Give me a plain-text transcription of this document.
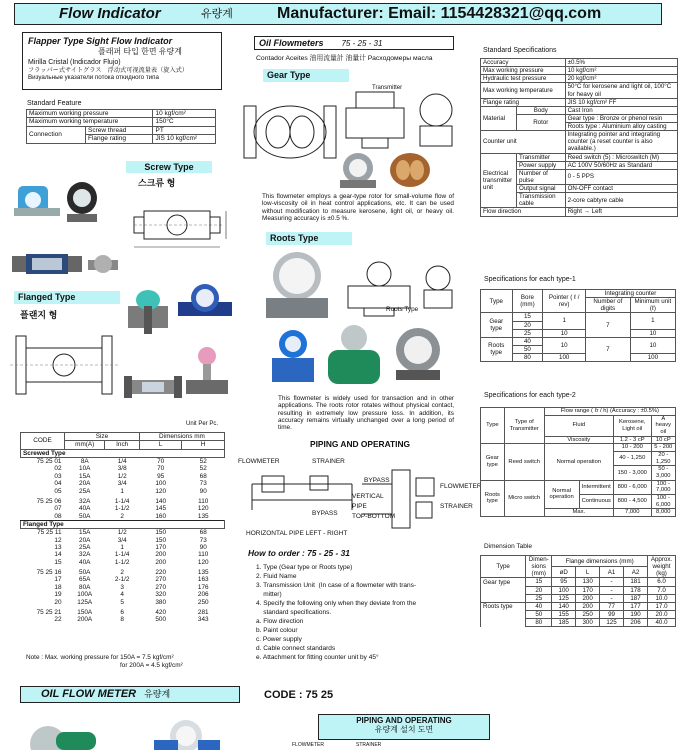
Flow Indicator	유량계	Manufacturer: Email: 1154428321@qq.com
Flapper Type Sight Flow Indicator
플래퍼 타입 한면 유량계
Mirilla Cristal (Indicador Flujo)
フラッパー式サイトグラス　浮动式可视流量表（旋入式）
Визуальные указатели потока откидного типа
Standard Feature
Maximum working pressure		10 kgf/cm²
Maximum working temperature		150°C
Connection	Screw thread	PT
	Flange rating	JIS 10 kgf/cm²
Screw Type
스크류 형
Flanged Type
플랜지 형
Unit Per Pc.
CODE	Size		Dimensions mm	
	mm(A)	Inch	L	H
Screwed Type				
75 25 01	8A	1/4	70	52
02	10A	3/8	70	52
03	15A	1/2	95	68
04	20A	3/4	100	73
05	25A	1	120	90
75 25 06	32A	1-1/4	140	110
07	40A	1-1/2	145	120
08	50A	2	160	135
Flanged Type				
75 25 11	15A	1/2	150	68
12	20A	3/4	150	73
13	25A	1	170	90
14	32A	1-1/4	200	110
15	40A	1-1/2	200	120
75 25 16	50A	2	220	135
17	65A	2-1/2	270	163
18	80A	3	270	176
19	100A	4	320	206
20	125A	5	380	250
75 25 21	150A	6	420	281
22	200A	8	500	343
Note : Max. working pressure for 150A = 7.5 kgf/cm²
for 200A = 4.5 kgf/cm²
Oil Flowmeters 75 - 25 - 31
Contador Aceites 油用流量計 油量计 Расходомеры масла
Gear Type
Transmitter
This flowmeter employs a gear-type rotor for small-volume flow of low-viscosity oil in heat control applications, etc. It can be used without modification to measure kerosene, light oil, or heavy oil. Measuring accuracy is ±0.5 %.
Roots Type
Roots Type
This flowmeter is widely used for transaction and in other applications. The roots rotor rotates without physical contact, resulting in extremely low pressure loss. In addition, its accuracy remains virtually unchanged over a long period of time.
PIPING AND OPERATING
FLOWMETER	STRAINER
BYPASS
FLOWMETER
VERTICAL
PIPE
TOP-BOTTOM
BYPASS
STRAINER
HORIZONTAL PIPE LEFT - RIGHT
How to order : 75 - 25 - 31
1. Type (Gear type or Roots type)
2. Fluid Name
3. Transmission Unit  (In case of a flowmeter with trans-
mitter)
4. Specify the following only when they deviate from the
standard specifications.
a. Flow direction
b. Paint colour
c. Power supply
d. Cable connect standards
e. Attachment for fitting counter unit by 45°
Standard Specifications
Accuracy		±0.5%
Max working pressure		10 kgf/cm²
Hydraulic test pressure		20 kgf/cm²
Max working temperature		50°C for kerosene and light oil, 100°C for heavy oil
Flange rating		JIS 10 kgf/cm² FF
Material	Body	Cast Iron
	Rotor	Gear type : Bronze or phenol resin
		Roots type : Aluminium alloy casting
Counter unit		Integrating pointer and integrating counter (a reset counter is also available.)
Electrical transmitter unit	Transmitter	Reed switch (5) : Microswitch (M)
	Power supply	AC 100V 50/60Hz as Standard
	Number of pulse	0 - 5 PPS
	Output signal	ON-OFF contact
	Transmission cable	2-core cabtyre cable
Flow direction		Right → Left
Specifications for each type-1
Type	Bore (mm)	Pointer ( ℓ / rev)	Integrating counter	
			Number of digits	Minimum unit (ℓ)
Gear type	15	1	7	1
	20			
	25	10		10
Roots type	40	10	7	10
	50			
	80	100		100
Specifications for each type-2
Type	Type of Transmitter	Flow range ( ℓr / h) (Accuracy : ±0.5%)			
		Fluid		Kerosene, Light oil	A heavy oil
		Viscosity		1.2 - 3 cP	10 cP
Gear type	Reed switch	Normal operation		10 - 200	5 - 200
				40 - 1,250	20 - 1,250
				150 - 3,000	50 - 3,000
Roots type	Micro switch	Normal operation	Intermittent	800 - 6,000	100 - 7,000
			Continuous	800 - 4,500	100 - 6,000
		Max.		7,000	8,000
Dimension Table
Type	Dimen-sions (mm)	Flange dimensions (mm)				Approx. weight (kg)
		øD	L	A1	A2	
Gear type	15	95	130	-	181	6.0
	20	100	170	-	178	7.0
	25	125	200	-	187	10.0
Roots type	40	140	200	77	177	17.0
	50	155	250	99	190	20.0
	80	185	300	125	206	40.0
OIL FLOW METER 유량계	CODE : 75 25
PIPING AND OPERATING
유량계 설치 도면
FLOWMETER	STRAINER
